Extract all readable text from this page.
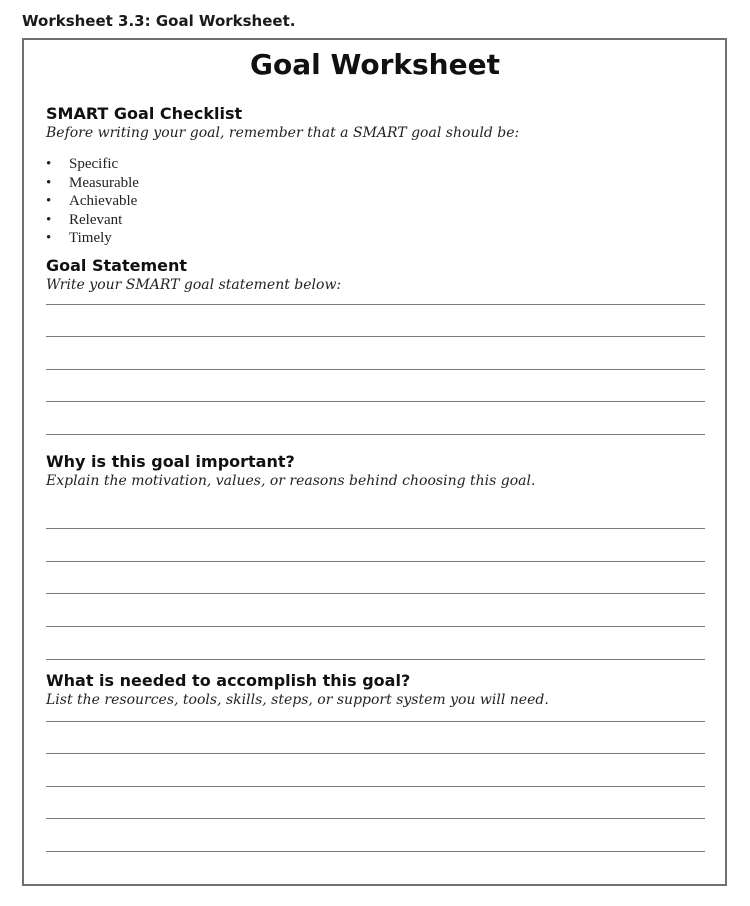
Worksheet 3.3: Goal Worksheet.
Goal Worksheet
SMART Goal Checklist

Before writing your goal, remember that a SMART goal should be:

• Specific
• Measurable
• Achievable
• Relevant
• Timely
Goal Statement

Write your SMART goal statement below:

Why is this goal important?

Explain the motivation, values, or reasons behind choosing this goal.

What is needed to accomplish this goal?

List the resources, tools, skills, steps, or support system you will need.
